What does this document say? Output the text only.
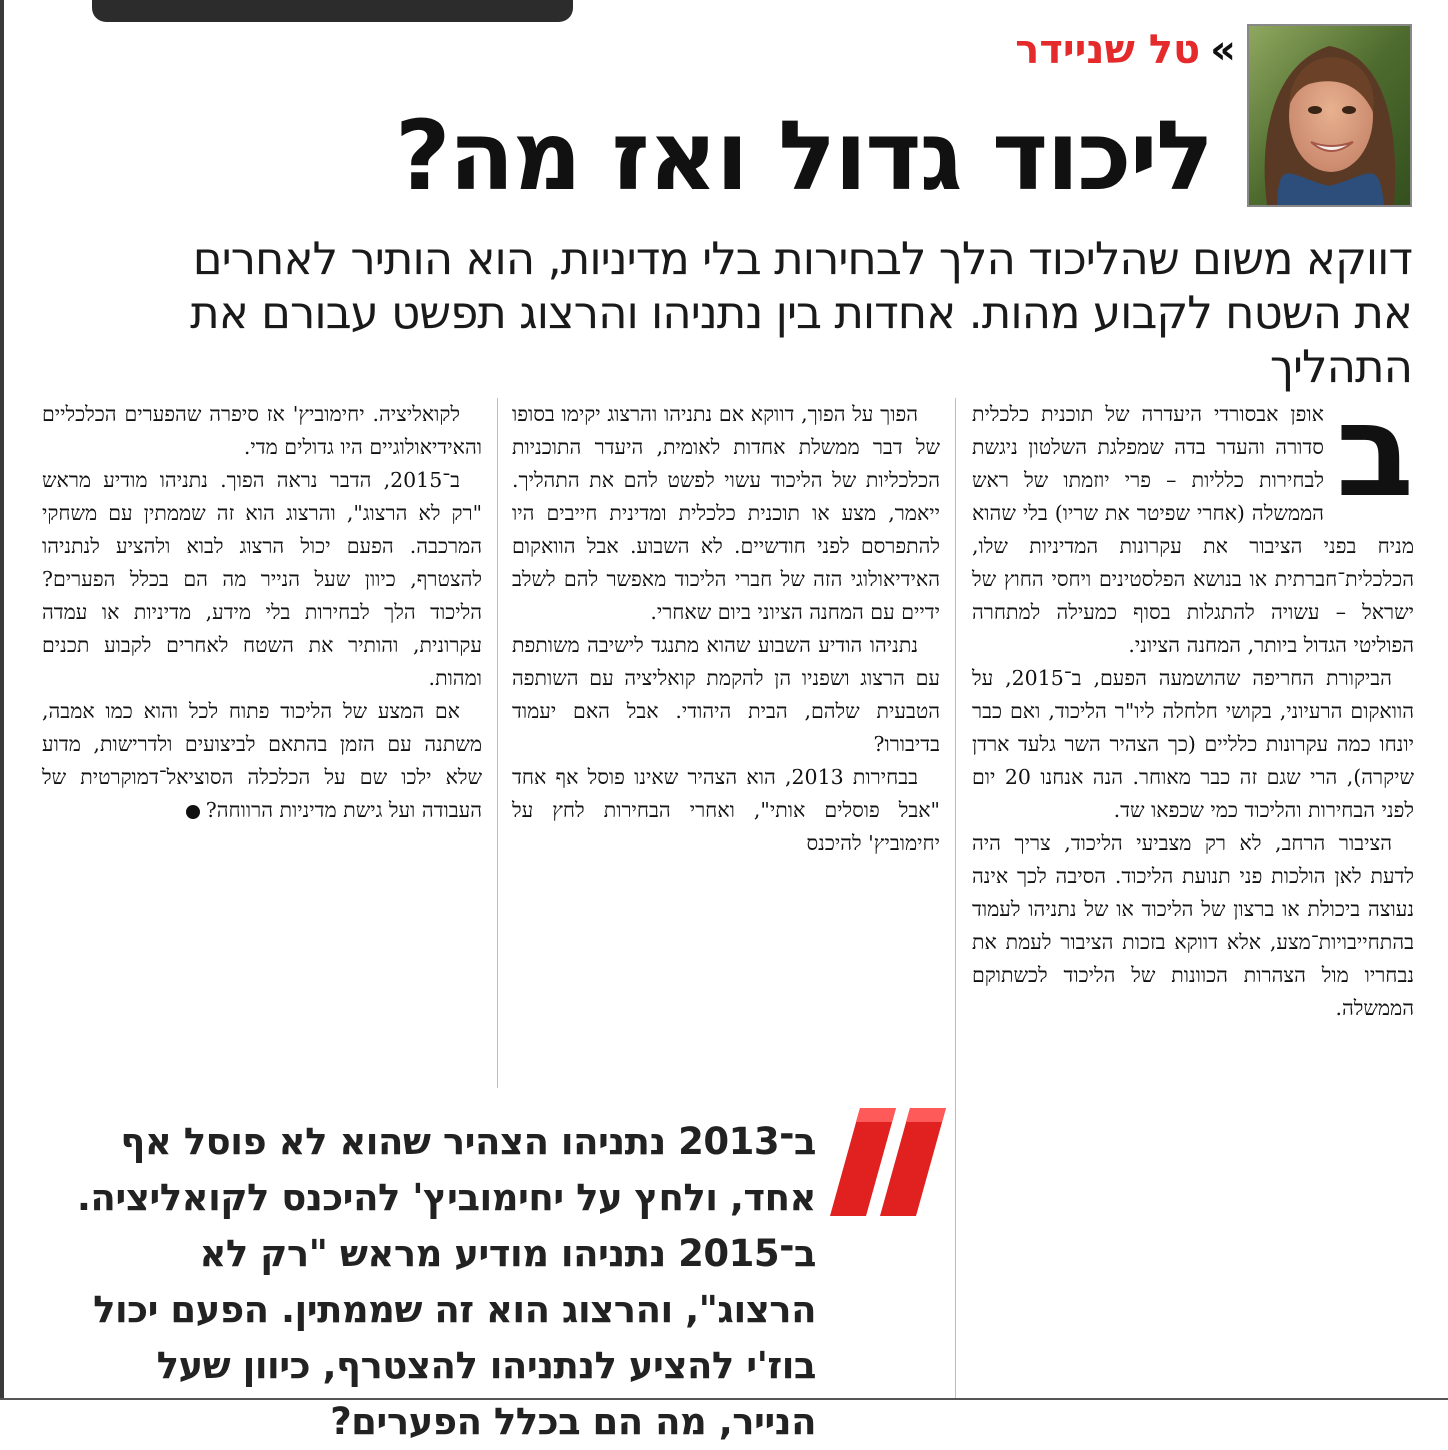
טל שניידר »
ליכוד גדול ואז מה?
דווקא משום שהליכוד הלך לבחירות בלי מדיניות, הוא הותיר לאחרים את השטח לקבוע מהות. אחדות בין נתניהו והרצוג תפשט עבורם את התהליך

ב
אופן אבסורדי היעדרה של תוכנית כלכלית סדורה והעדר בדה שמפלגת השלטון ניגשת לבחירות כלליות – פרי יוזמתו של ראש הממשלה (אחרי שפיטר את שריו) בלי שהוא מניח בפני הציבור את עקרונות המדיניות שלו, הכלכלית־חברתית או בנושא הפלסטינים ויחסי החוץ של ישראל – עשויה להתגלות בסוף כמעילה למתחרה הפוליטי הגדול ביותר, המחנה הציוני.

הביקורת החריפה שהושמעה הפעם, ב־2015, על הוואקום הרעיוני, בקושי חלחלה ליו"ר הליכוד, ואם כבר יונחו כמה עקרונות כלליים (כך הצהיר השר גלעד ארדן שיקרה), הרי שגם זה כבר מאוחר. הנה אנחנו 20 יום לפני הבחירות והליכוד כמי שכפאו שד.

הציבור הרחב, לא רק מצביעי הליכוד, צריך היה לדעת לאן הולכות פני תנועת הליכוד. הסיבה לכך אינה נעוצה ביכולת או ברצון של הליכוד או של נתניהו לעמוד בהתחייבויות־מצע, אלא דווקא בזכות הציבור לעמת את נבחריו מול הצהרות הכוונות של הליכוד לכשתוקם הממשלה.

הפוך על הפוך, דווקא אם נתניהו והרצוג יקימו בסופו של דבר ממשלת אחדות לאומית, היעדר התוכניות הכלכליות של הליכוד עשוי לפשט להם את התהליך. ייאמר, מצע או תוכנית כלכלית ומדינית חייבים היו להתפרסם לפני חודשיים. לא השבוע. אבל הוואקום האידיאולוגי הזה של חברי הליכוד מאפשר להם לשלב ידיים עם המחנה הציוני ביום שאחרי.

נתניהו הודיע השבוע שהוא מתנגד לישיבה משותפת עם הרצוג ושפניו הן להקמת קואליציה עם השותפה הטבעית שלהם, הבית היהודי. אבל האם יעמוד בדיבורו?

בבחירות 2013, הוא הצהיר שאינו פוסל אף אחד "אבל פוסלים אותי", ואחרי הבחירות לחץ על יחימוביץ' להיכנס

לקואליציה. יחימוביץ' אז סיפרה שהפערים הכלכליים והאידיאולוגיים היו גדולים מדי.

ב־2015, הדבר נראה הפוך. נתניהו מודיע מראש "רק לא הרצוג", והרצוג הוא זה שממתין עם משחקי המרכבה. הפעם יכול הרצוג לבוא ולהציע לנתניהו להצטרף, כיוון שעל הנייר מה הם בכלל הפערים? הליכוד הלך לבחירות בלי מידע, מדיניות או עמדה עקרונית, והותיר את השטח לאחרים לקבוע תכנים ומהות.

אם המצע של הליכוד פתוח לכל והוא כמו אמבה, משתנה עם הזמן בהתאם לביצועים ולדרישות, מדוע שלא ילכו שם על הכלכלה הסוציאל־דמוקרטית של העבודה ועל גישת מדיניות הרווחה?

ב־2013 נתניהו הצהיר שהוא לא פוסל אף אחד, ולחץ על יחימוביץ' להיכנס לקואליציה. ב־2015 נתניהו מודיע מראש "רק לא הרצוג", והרצוג הוא זה שממתין. הפעם יכול בוז'י להציע לנתניהו להצטרף, כיוון שעל הנייר, מה הם בכלל הפערים?
